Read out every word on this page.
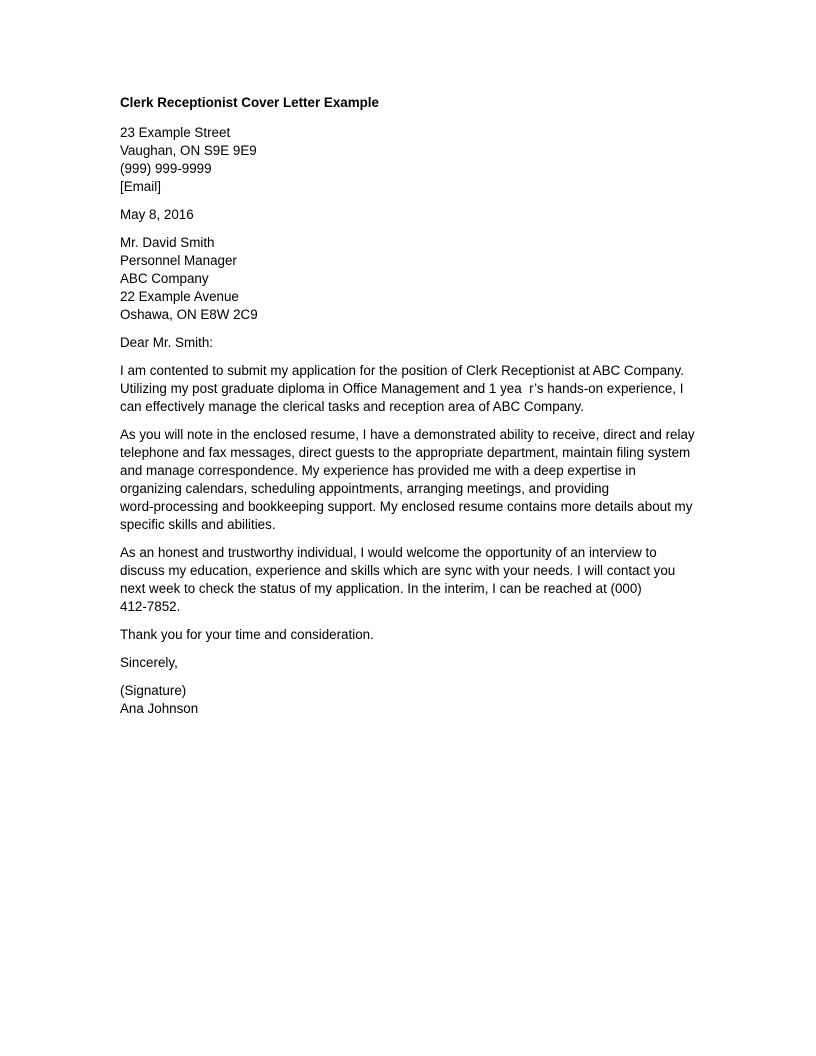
Clerk Receptionist Cover Letter Example
23 Example Street
Vaughan, ON S9E 9E9
(999) 999-9999
[Email]
May 8, 2016
Mr. David Smith
Personnel Manager
ABC Company
22 Example Avenue
Oshawa, ON E8W 2C9
Dear Mr. Smith:
I am contented to submit my application for the position of Clerk Receptionist at ABC Company.
Utilizing my post graduate diploma in Office Management and 1 yea  r’s hands-on experience, I
can effectively manage the clerical tasks and reception area of ABC Company.
As you will note in the enclosed resume, I have a demonstrated ability to receive, direct and relay
telephone and fax messages, direct guests to the appropriate department, maintain filing system
and manage correspondence. My experience has provided me with a deep expertise in
organizing calendars, scheduling appointments, arranging meetings, and providing
word-processing and bookkeeping support. My enclosed resume contains more details about my
specific skills and abilities.
As an honest and trustworthy individual, I would welcome the opportunity of an interview to
discuss my education, experience and skills which are sync with your needs. I will contact you
next week to check the status of my application. In the interim, I can be reached at (000)
412-7852.
Thank you for your time and consideration.
Sincerely,
(Signature)
Ana Johnson
